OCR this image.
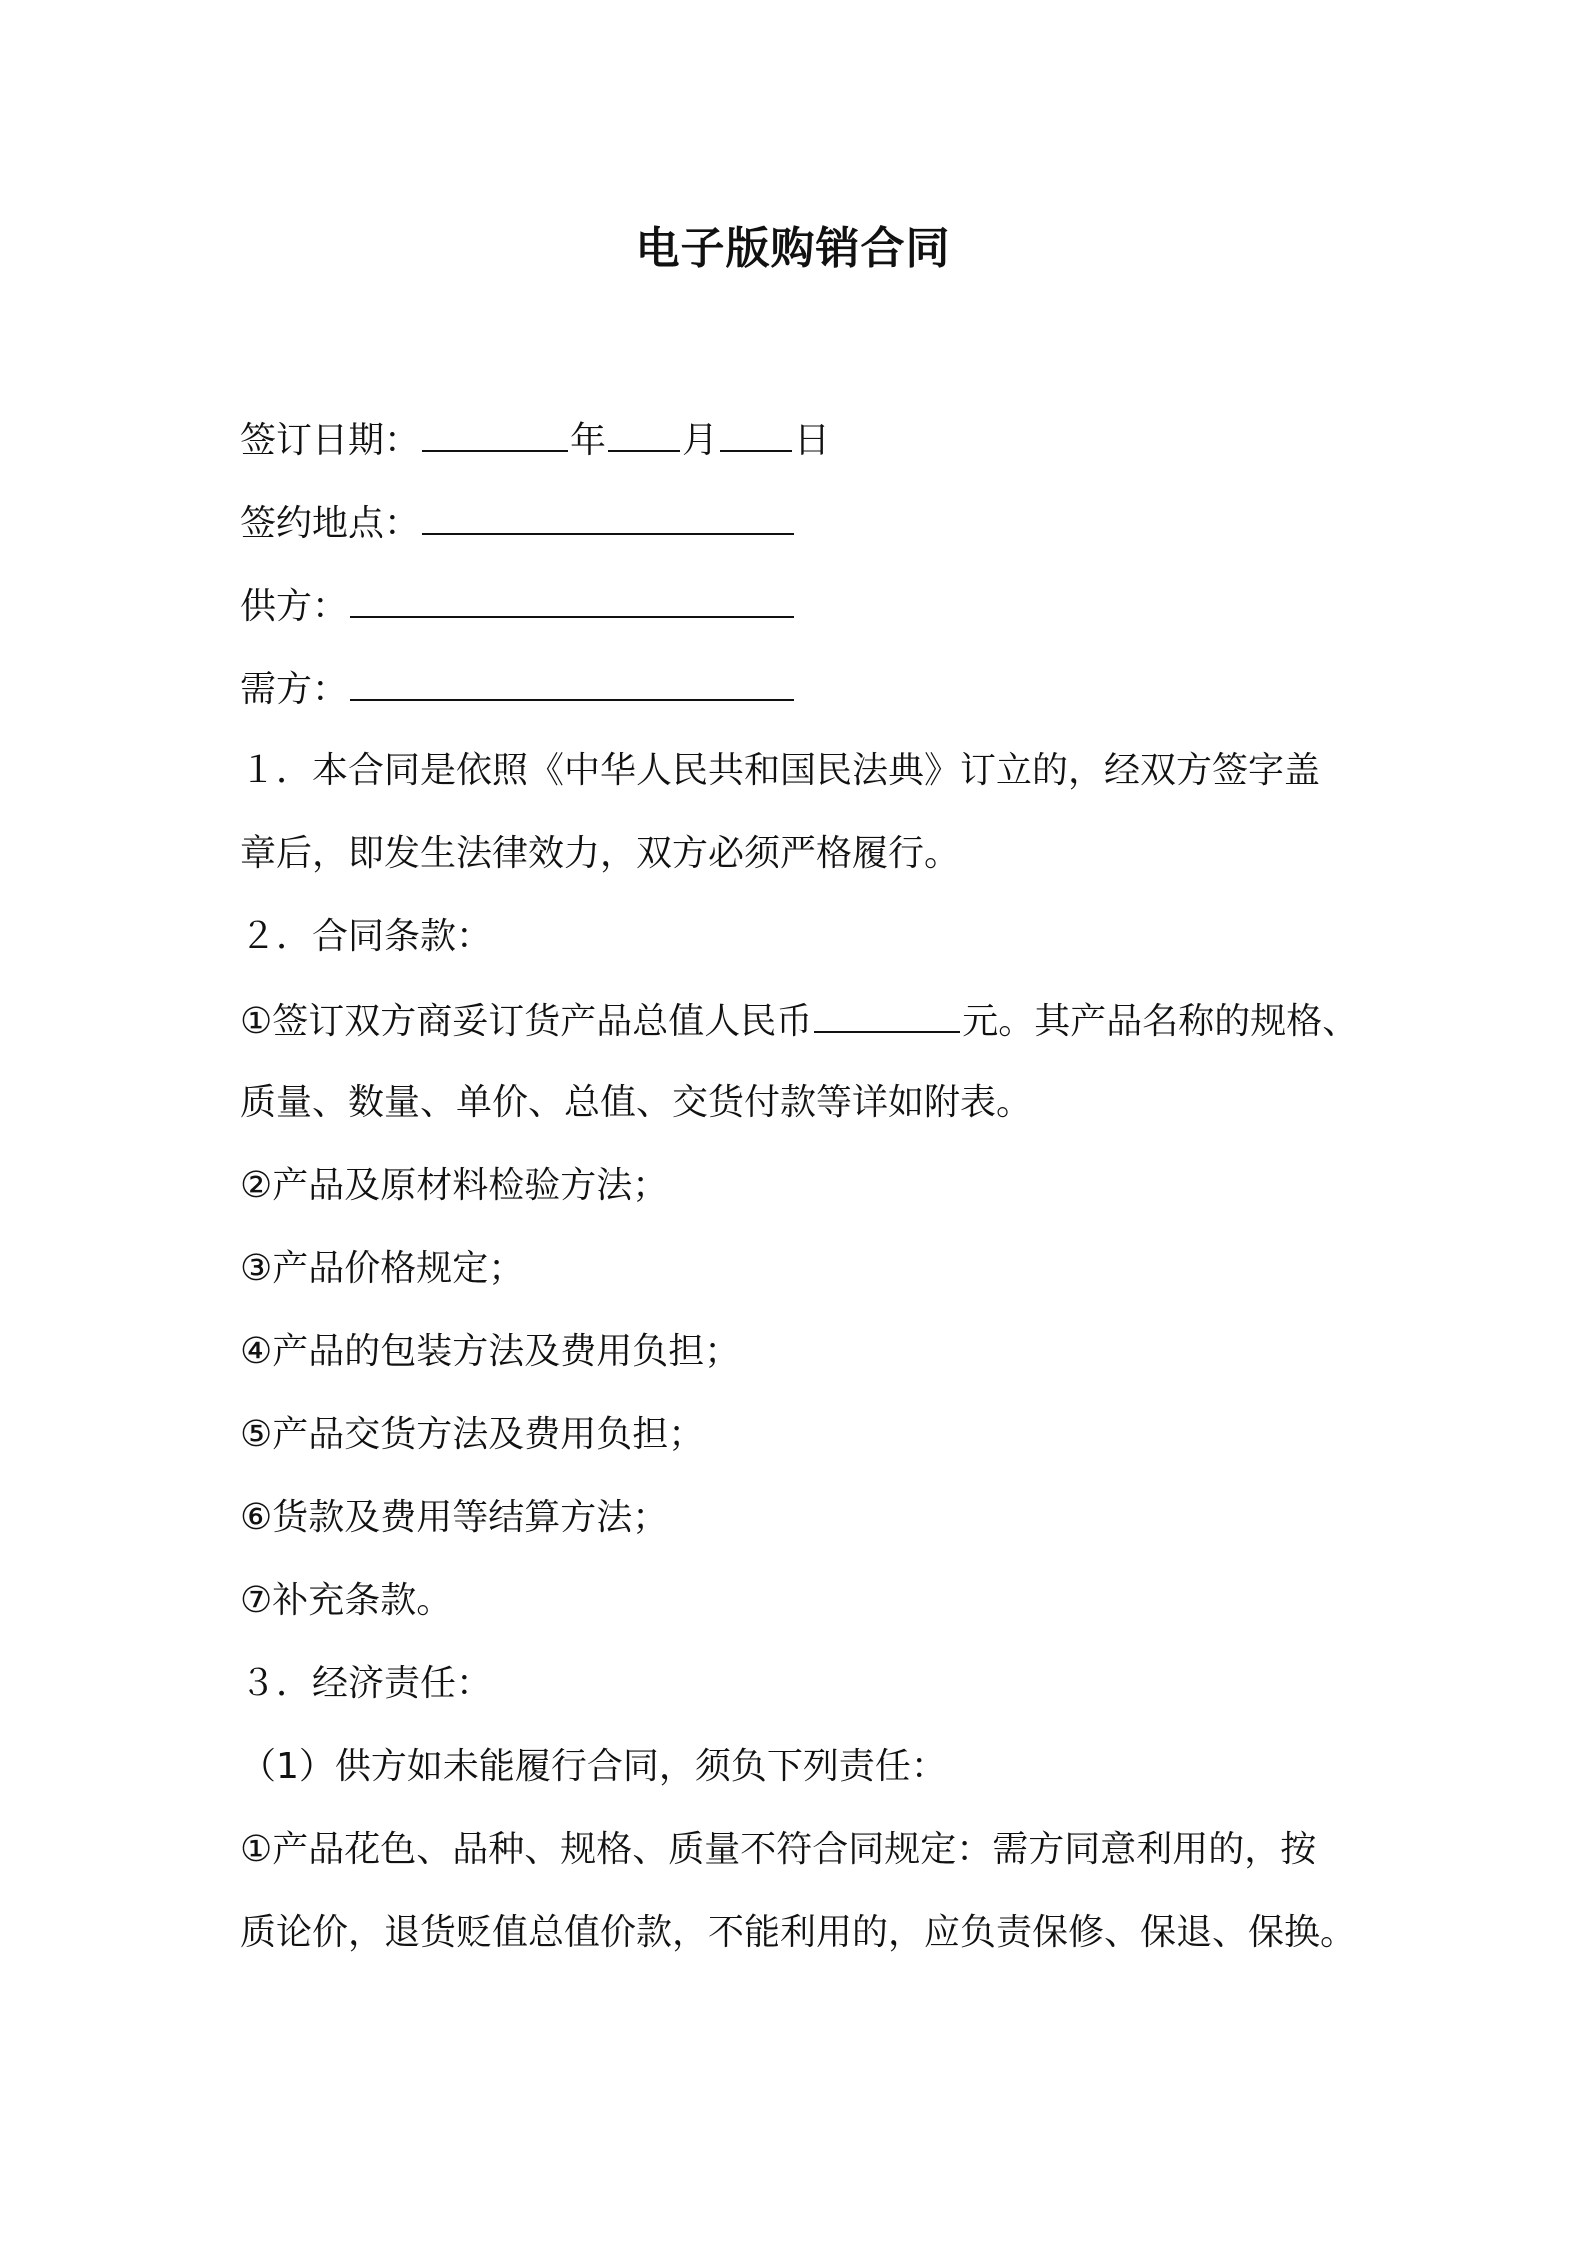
电子版购销合同
签订日期：	年 月 日
签约地点：
供方：
需方：
１．本合同是依照《中华人民共和国民法典》订立的，经双方签字盖
章后，即发生法律效力，双方必须严格履行。
２．合同条款：
①签订双方商妥订货产品总值人民币	元。其产品名称的规格、
质量、数量、单价、总值、交货付款等详如附表。
②产品及原材料检验方法；
③产品价格规定；
④产品的包装方法及费用负担；
⑤产品交货方法及费用负担；
⑥货款及费用等结算方法；
⑦补充条款。
３．经济责任：
（1）供方如未能履行合同，须负下列责任：
①产品花色、品种、规格、质量不符合同规定：需方同意利用的，按
质论价，退货贬值总值价款，不能利用的，应负责保修、保退、保换。
